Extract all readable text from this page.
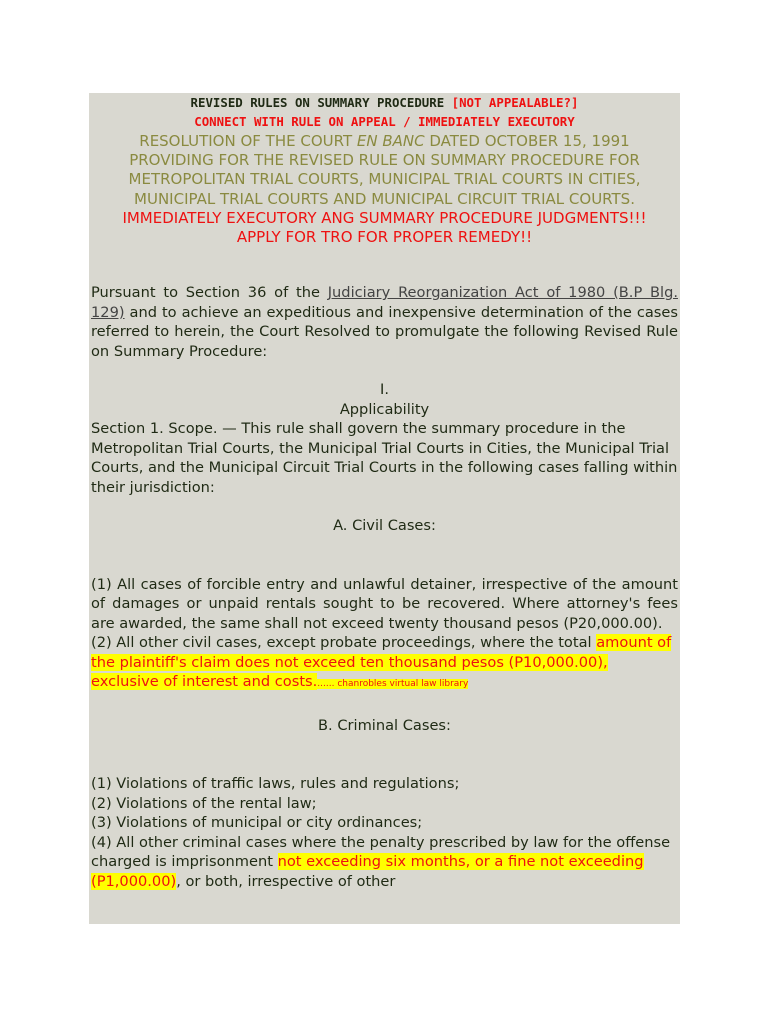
REVISED RULES ON SUMMARY PROCEDURE [NOT APPEALABLE?]
CONNECT WITH RULE ON APPEAL / IMMEDIATELY EXECUTORY
RESOLUTION OF THE COURT EN BANC DATED OCTOBER 15, 1991 PROVIDING FOR THE REVISED RULE ON SUMMARY PROCEDURE FOR METROPOLITAN TRIAL COURTS, MUNICIPAL TRIAL COURTS IN CITIES, MUNICIPAL TRIAL COURTS AND MUNICIPAL CIRCUIT TRIAL COURTS. IMMEDIATELY EXECUTORY ANG SUMMARY PROCEDURE JUDGMENTS!!! APPLY FOR TRO FOR PROPER REMEDY!!

Pursuant to Section 36 of the Judiciary Reorganization Act of 1980 (B.P Blg. 129) and to achieve an expeditious and inexpensive determination of the cases referred to herein, the Court Resolved to promulgate the following Revised Rule on Summary Procedure:

I.
Applicability

Section 1. Scope. — This rule shall govern the summary procedure in the Metropolitan Trial Courts, the Municipal Trial Courts in Cities, the Municipal Trial Courts, and the Municipal Circuit Trial Courts in the following cases falling within their jurisdiction:

A. Civil Cases:

(1) All cases of forcible entry and unlawful detainer, irrespective of the amount of damages or unpaid rentals sought to be recovered. Where attorney's fees are awarded, the same shall not exceed twenty thousand pesos (P20,000.00).

(2) All other civil cases, except probate proceedings, where the total amount of the plaintiff's claim does not exceed ten thousand pesos (P10,000.00), exclusive of interest and costs....... chanrobles virtual law library

B. Criminal Cases:
(1) Violations of traffic laws, rules and regulations;
(2) Violations of the rental law;
(3) Violations of municipal or city ordinances;
(4) All other criminal cases where the penalty prescribed by law for the offense charged is imprisonment not exceeding six months, or a fine not exceeding (P1,000.00), or both, irrespective of other
